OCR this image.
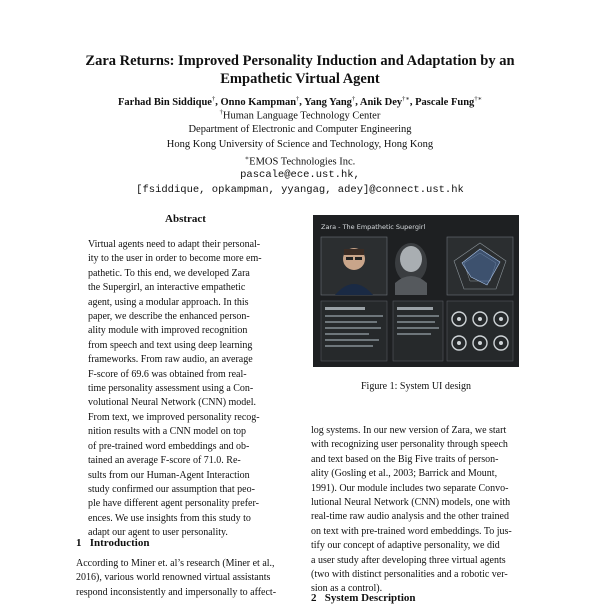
Zara Returns: Improved Personality Induction and Adaptation by an
Empathetic Virtual Agent
Farhad Bin Siddique†, Onno Kampman†, Yang Yang†, Anik Dey†∗, Pascale Fung†∗
†Human Language Technology Center
Department of Electronic and Computer Engineering
Hong Kong University of Science and Technology, Hong Kong
∗EMOS Technologies Inc.
pascale@ece.ust.hk,
[fsiddique, opkampman, yyangag, adey]@connect.ust.hk
Abstract
Virtual agents need to adapt their personal-
ity to the user in order to become more em-
pathetic. To this end, we developed Zara
the Supergirl, an interactive empathetic
agent, using a modular approach. In this
paper, we describe the enhanced person-
ality module with improved recognition
from speech and text using deep learning
frameworks. From raw audio, an average
F-score of 69.6 was obtained from real-
time personality assessment using a Con-
volutional Neural Network (CNN) model.
From text, we improved personality recog-
nition results with a CNN model on top
of pre-trained word embeddings and ob-
tained an average F-score of 71.0. Re-
sults from our Human-Agent Interaction
study confirmed our assumption that peo-
ple have different agent personality prefer-
ences. We use insights from this study to
adapt our agent to user personality.
1 Introduction
According to Miner et. al’s research (Miner et al.,
2016), various world renowned virtual assistants
respond inconsistently and impersonally to affect-
Zara - The Empathetic Supergirl
Figure 1: System UI design
log systems. In our new version of Zara, we start
with recognizing user personality through speech
and text based on the Big Five traits of person-
ality (Gosling et al., 2003; Barrick and Mount,
1991). Our module includes two separate Convo-
lutional Neural Network (CNN) models, one with
real-time raw audio analysis and the other trained
on text with pre-trained word embeddings. To jus-
tify our concept of adaptive personality, we did
a user study after developing three virtual agents
(two with distinct personalities and a robotic ver-
sion as a control).
2 System Description
